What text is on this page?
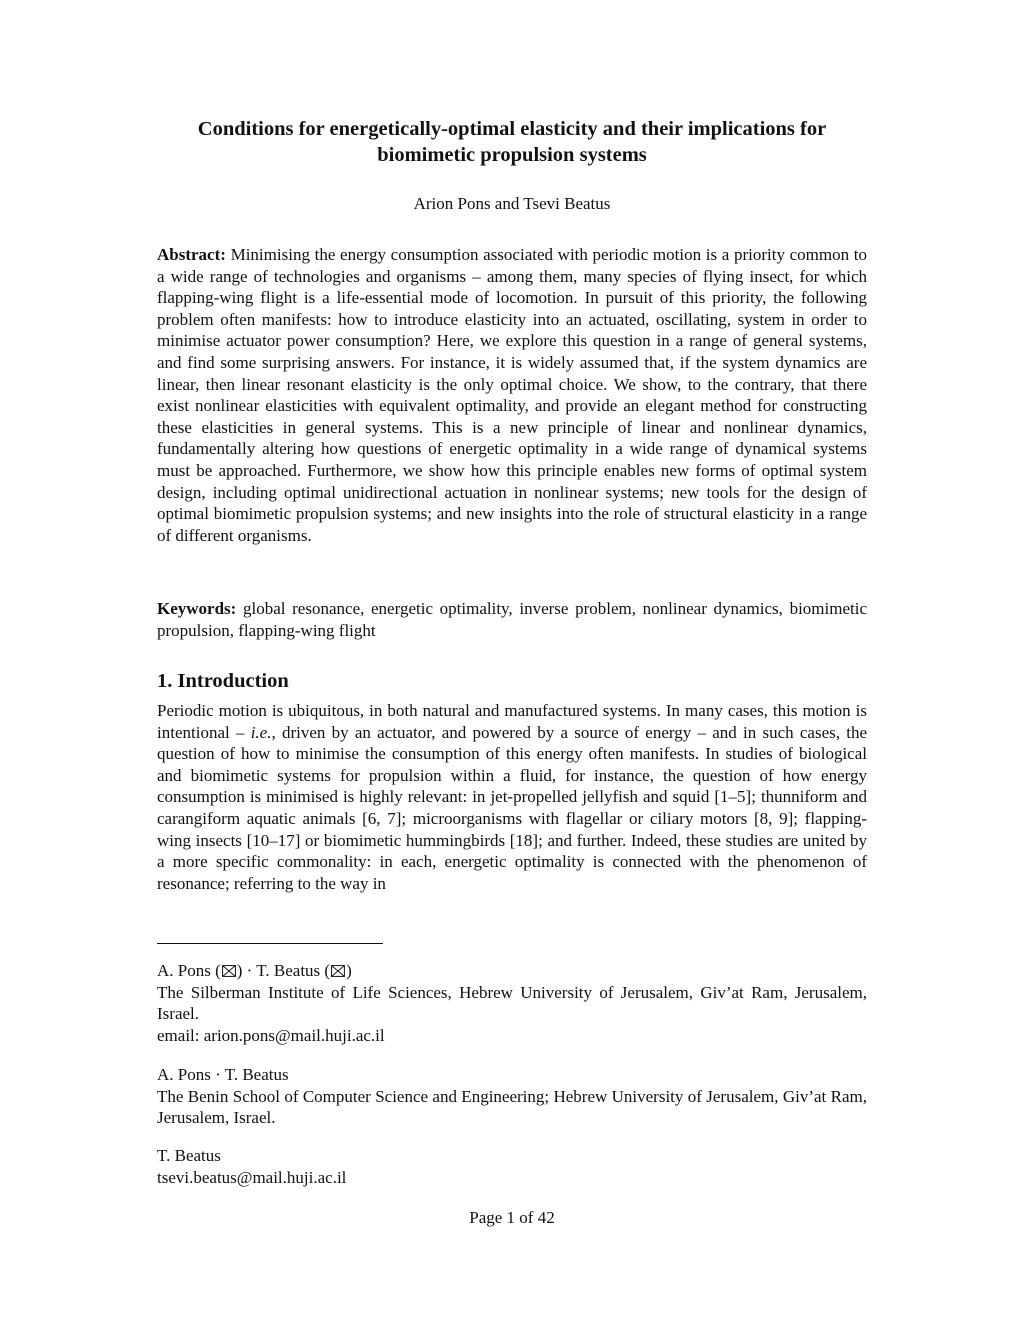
Conditions for energetically-optimal elasticity and their implications for
biomimetic propulsion systems
Arion Pons and Tsevi Beatus
Abstract: Minimising the energy consumption associated with periodic motion is a priority common to a wide range of technologies and organisms – among them, many species of flying insect, for which flapping-wing flight is a life-essential mode of locomotion. In pursuit of this priority, the following problem often manifests: how to introduce elasticity into an actuated, oscillating, system in order to minimise actuator power consumption? Here, we explore this question in a range of general systems, and find some surprising answers. For instance, it is widely assumed that, if the system dynamics are linear, then linear resonant elasticity is the only optimal choice. We show, to the contrary, that there exist nonlinear elasticities with equivalent optimality, and provide an elegant method for constructing these elasticities in general systems. This is a new principle of linear and nonlinear dynamics, fundamentally altering how questions of energetic optimality in a wide range of dynamical systems must be approached. Furthermore, we show how this principle enables new forms of optimal system design, including optimal unidirectional actuation in nonlinear systems; new tools for the design of optimal biomimetic propulsion systems; and new insights into the role of structural elasticity in a range of different organisms.
Keywords: global resonance, energetic optimality, inverse problem, nonlinear dynamics, biomimetic propulsion, flapping-wing flight
1. Introduction
Periodic motion is ubiquitous, in both natural and manufactured systems. In many cases, this motion is intentional – i.e., driven by an actuator, and powered by a source of energy – and in such cases, the question of how to minimise the consumption of this energy often manifests. In studies of biological and biomimetic systems for propulsion within a fluid, for instance, the question of how energy consumption is minimised is highly relevant: in jet-propelled jellyfish and squid [1–5]; thunniform and carangiform aquatic animals [6, 7]; microorganisms with flagellar or ciliary motors [8, 9]; flapping-wing insects [10–17] or biomimetic hummingbirds [18]; and further. Indeed, these studies are united by a more specific commonality: in each, energetic optimality is connected with the phenomenon of resonance; referring to the way in
A. Pons ( ) · T. Beatus ( )
The Silberman Institute of Life Sciences, Hebrew University of Jerusalem, Giv’at Ram, Jerusalem, Israel.
email: arion.pons@mail.huji.ac.il
A. Pons · T. Beatus
The Benin School of Computer Science and Engineering; Hebrew University of Jerusalem, Giv’at Ram, Jerusalem, Israel.
T. Beatus
tsevi.beatus@mail.huji.ac.il
Page 1 of 42
